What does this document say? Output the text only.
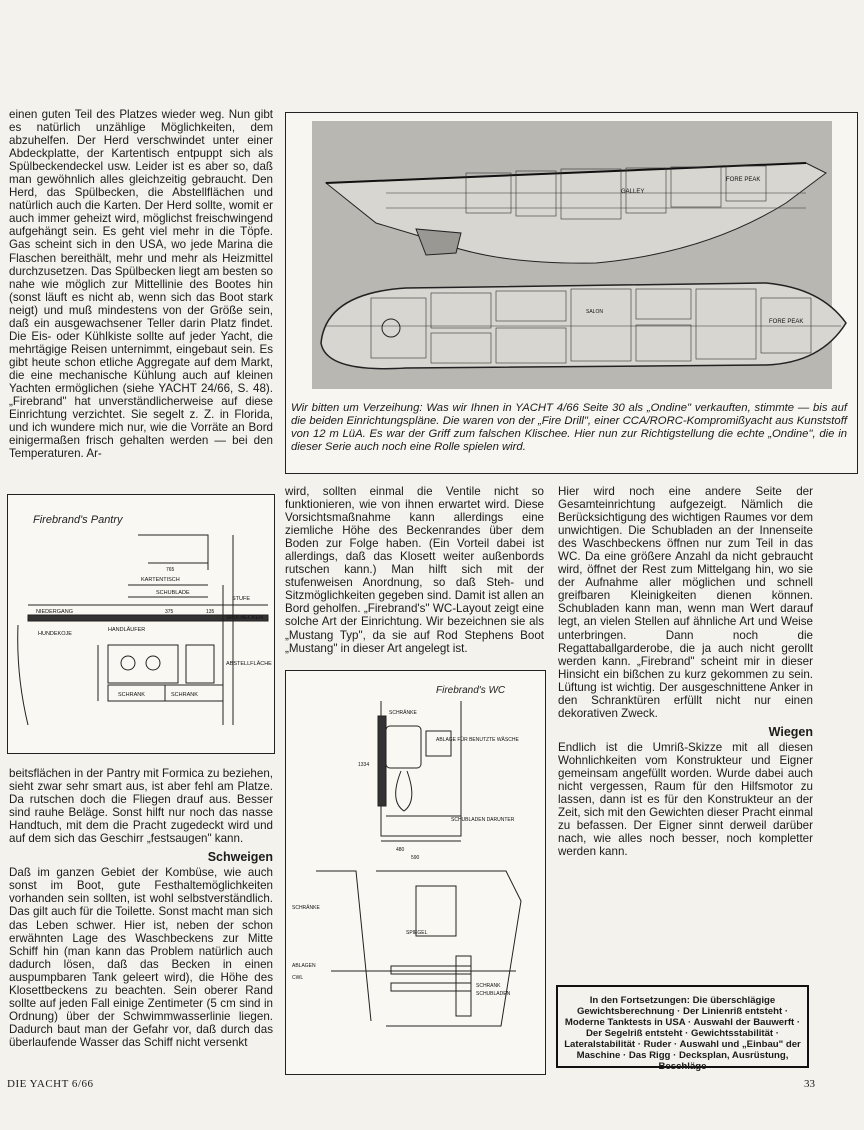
einen guten Teil des Platzes wieder weg. Nun gibt es natürlich unzählige Möglichkeiten, dem abzuhelfen. Der Herd verschwindet unter einer Abdeckplatte, der Kartentisch entpuppt sich als Spülbeckendeckel usw. Leider ist es aber so, daß man gewöhnlich alles gleichzeitig gebraucht. Den Herd, das Spülbecken, die Abstellflächen und natürlich auch die Karten. Der Herd sollte, womit er auch immer geheizt wird, möglichst freischwingend aufgehängt sein. Es geht viel mehr in die Töpfe. Gas scheint sich in den USA, wo jede Marina die Flaschen bereithält, mehr und mehr als Heizmittel durchzusetzen. Das Spülbecken liegt am besten so nahe wie möglich zur Mittellinie des Bootes hin (sonst läuft es nicht ab, wenn sich das Boot stark neigt) und muß mindestens von der Größe sein, daß ein ausgewachsener Teller darin Platz findet. Die Eis- oder Kühlkiste sollte auf jeder Yacht, die mehrtägige Reisen unternimmt, eingebaut sein. Es gibt heute schon etliche Aggregate auf dem Markt, die eine mechanische Kühlung auch auf kleinen Yachten ermöglichen (siehe YACHT 24/66, S. 48). „Firebrand" hat unverständlicherweise auf diese Einrichtung verzichtet. Sie segelt z. Z. in Florida, und ich wundere mich nur, wie die Vorräte an Bord einigermaßen frisch gehalten werden — bei den Temperaturen. Ar-

GALLEY
FORE PEAK
FORE PEAK
SALON
Wir bitten um Verzeihung: Was wir Ihnen in YACHT 4/66 Seite 30 als „Ondine" verkauften, stimmte — bis auf die beiden Einrichtungspläne. Die waren von der „Fire Drill", einer CCA/RORC-Kompromißyacht aus Kunststoff von 12 m LüA. Es war der Griff zum falschen Klischee. Hier nun zur Richtigstellung die echte „Ondine", die in dieser Serie auch noch eine Rolle spielen wird.
Firebrand's Pantry
765
KARTENTISCH
SCHUBLADE
STUFE
NIEDERGANG	375	135
SPÜLBECKEN
HANDLÄUFER
HUNDEKOJE
ABSTELLFLÄCHE
SCHRANK	SCHRANK

beitsflächen in der Pantry mit Formica zu beziehen, sieht zwar sehr smart aus, ist aber fehl am Platze. Da rutschen doch die Fliegen drauf aus. Besser sind rauhe Beläge. Sonst hilft nur noch das nasse Handtuch, mit dem die Pracht zugedeckt wird und auf dem sich das Geschirr „festsaugen" kann.

Schweigen

Daß im ganzen Gebiet der Kombüse, wie auch sonst im Boot, gute Festhaltemöglichkeiten vorhanden sein sollten, ist wohl selbstverständlich. Das gilt auch für die Toilette. Sonst macht man sich das Leben schwer. Hier ist, neben der schon erwähnten Lage des Waschbeckens zur Mitte Schiff hin (man kann das Problem natürlich auch dadurch lösen, daß das Becken in einen auspumpbaren Tank geleert wird), die Höhe des Klosettbeckens zu beachten. Sein oberer Rand sollte auf jeden Fall einige Zentimeter (5 cm sind in Ordnung) über der Schwimmwasserlinie liegen. Dadurch baut man der Gefahr vor, daß durch das überlaufende Wasser das Schiff nicht versenkt

wird, sollten einmal die Ventile nicht so funktionieren, wie von ihnen erwartet wird. Diese Vorsichtsmaßnahme kann allerdings eine ziemliche Höhe des Beckenrandes über dem Boden zur Folge haben. (Ein Vorteil dabei ist allerdings, daß das Klosett weiter außenbords rutschen kann.) Man hilft sich mit der stufenweisen Anordnung, so daß Steh- und Sitzmöglichkeiten gegeben sind. Damit ist allen an Bord geholfen. „Firebrand's" WC-Layout zeigt eine solche Art der Einrichtung. Wir bezeichnen sie als „Mustang Typ", da sie auf Rod Stephens Boot „Mustang" in dieser Art angelegt ist.

Firebrand's WC
SCHRÄNKE
ABLAGE FÜR BENUTZTE WÄSCHE
1334
SCHUBLADEN DARUNTER
480
590
SCHRÄNKE
SPIEGEL
ABLAGEN
CWL
SCHRANK
SCHUBLADEN

Hier wird noch eine andere Seite der Gesamteinrichtung aufgezeigt. Nämlich die Berücksichtigung des wichtigen Raumes vor dem unwichtigen. Die Schubladen an der Innenseite des Waschbeckens öffnen nur zum Teil in das WC. Da eine größere Anzahl da nicht gebraucht wird, öffnet der Rest zum Mittelgang hin, wo sie der Aufnahme aller möglichen und schnell greifbaren Kleinigkeiten dienen können. Schubladen kann man, wenn man Wert darauf legt, an vielen Stellen auf ähnliche Art und Weise unterbringen. Dann noch die Regattaballgarderobe, die ja auch nicht gerollt werden kann. „Firebrand" scheint mir in dieser Hinsicht ein bißchen zu kurz gekommen zu sein. Lüftung ist wichtig. Der ausgeschnittene Anker in den Schranktüren erfüllt nicht nur einen dekorativen Zweck.

Wiegen

Endlich ist die Umriß-Skizze mit all diesen Wohnlichkeiten vom Konstrukteur und Eigner gemeinsam angefüllt worden. Wurde dabei auch nicht vergessen, Raum für den Hilfsmotor zu lassen, dann ist es für den Konstrukteur an der Zeit, sich mit den Gewichten dieser Pracht einmal zu befassen. Der Eigner sinnt derweil darüber nach, wie alles noch besser, noch kompletter werden kann.

In den Fortsetzungen: Die überschlägige Gewichtsberechnung · Der Linienriß entsteht · Moderne Tanktests in USA · Auswahl der Bauwerft · Der Segelriß entsteht · Gewichtsstabilität · Lateralstabilität · Ruder · Auswahl und „Einbau" der Maschine · Das Rigg · Decksplan, Ausrüstung, Beschläge
DIE YACHT 6/66	33
